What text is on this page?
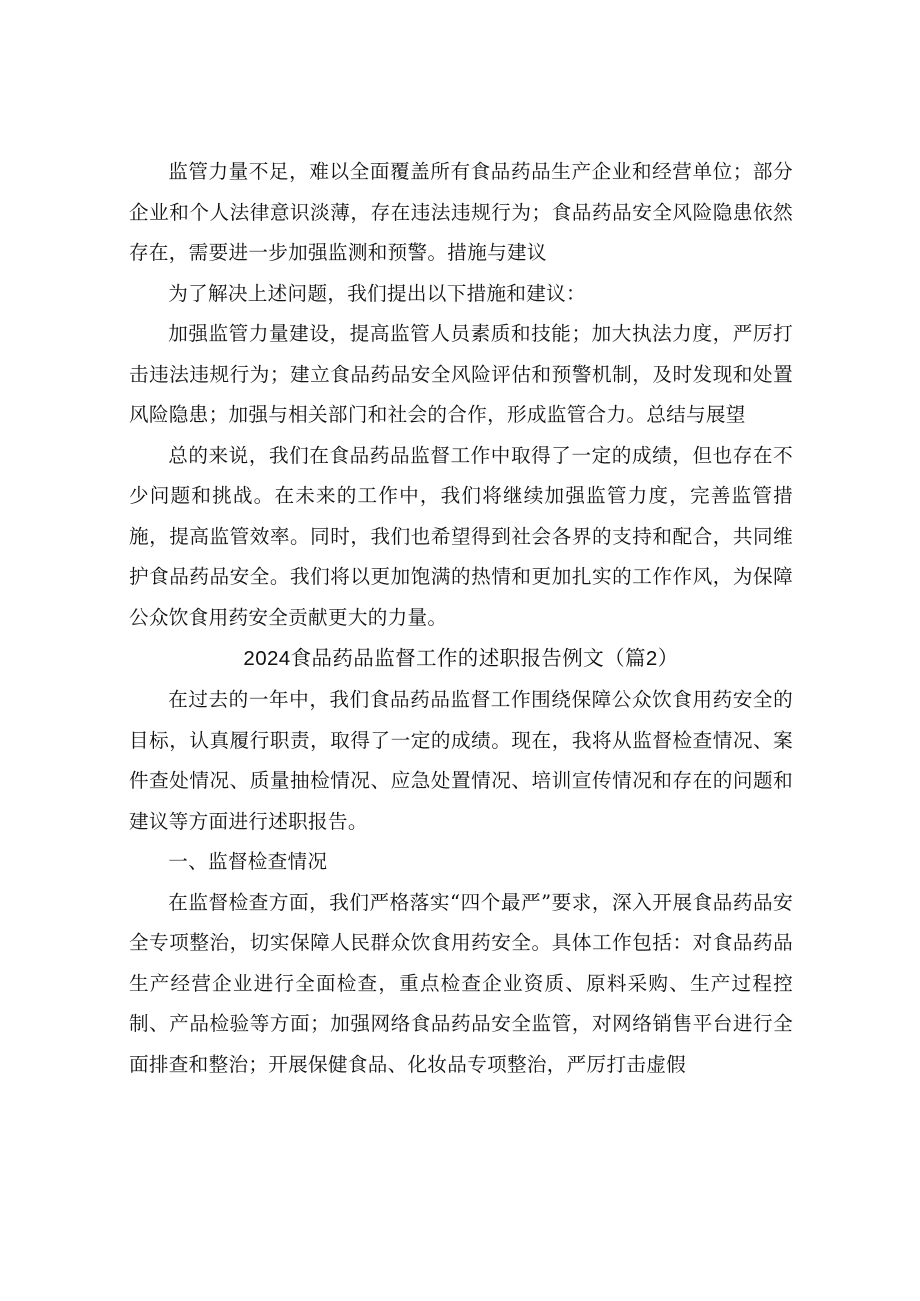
监管力量不足，难以全面覆盖所有食品药品生产企业和经营单位；部分企业和个人法律意识淡薄，存在违法违规行为；食品药品安全风险隐患依然存在，需要进一步加强监测和预警。措施与建议

为了解决上述问题，我们提出以下措施和建议：

加强监管力量建设，提高监管人员素质和技能；加大执法力度，严厉打击违法违规行为；建立食品药品安全风险评估和预警机制，及时发现和处置风险隐患；加强与相关部门和社会的合作，形成监管合力。总结与展望

总的来说，我们在食品药品监督工作中取得了一定的成绩，但也存在不少问题和挑战。在未来的工作中，我们将继续加强监管力度，完善监管措施，提高监管效率。同时，我们也希望得到社会各界的支持和配合，共同维护食品药品安全。我们将以更加饱满的热情和更加扎实的工作作风，为保障公众饮食用药安全贡献更大的力量。

2024食品药品监督工作的述职报告例文（篇2）

在过去的一年中，我们食品药品监督工作围绕保障公众饮食用药安全的目标，认真履行职责，取得了一定的成绩。现在，我将从监督检查情况、案件查处情况、质量抽检情况、应急处置情况、培训宣传情况和存在的问题和建议等方面进行述职报告。

一、监督检查情况

在监督检查方面，我们严格落实“四个最严”要求，深入开展食品药品安全专项整治，切实保障人民群众饮食用药安全。具体工作包括：对食品药品生产经营企业进行全面检查，重点检查企业资质、原料采购、生产过程控制、产品检验等方面；加强网络食品药品安全监管，对网络销售平台进行全面排查和整治；开展保健食品、化妆品专项整治，严厉打击虚假
